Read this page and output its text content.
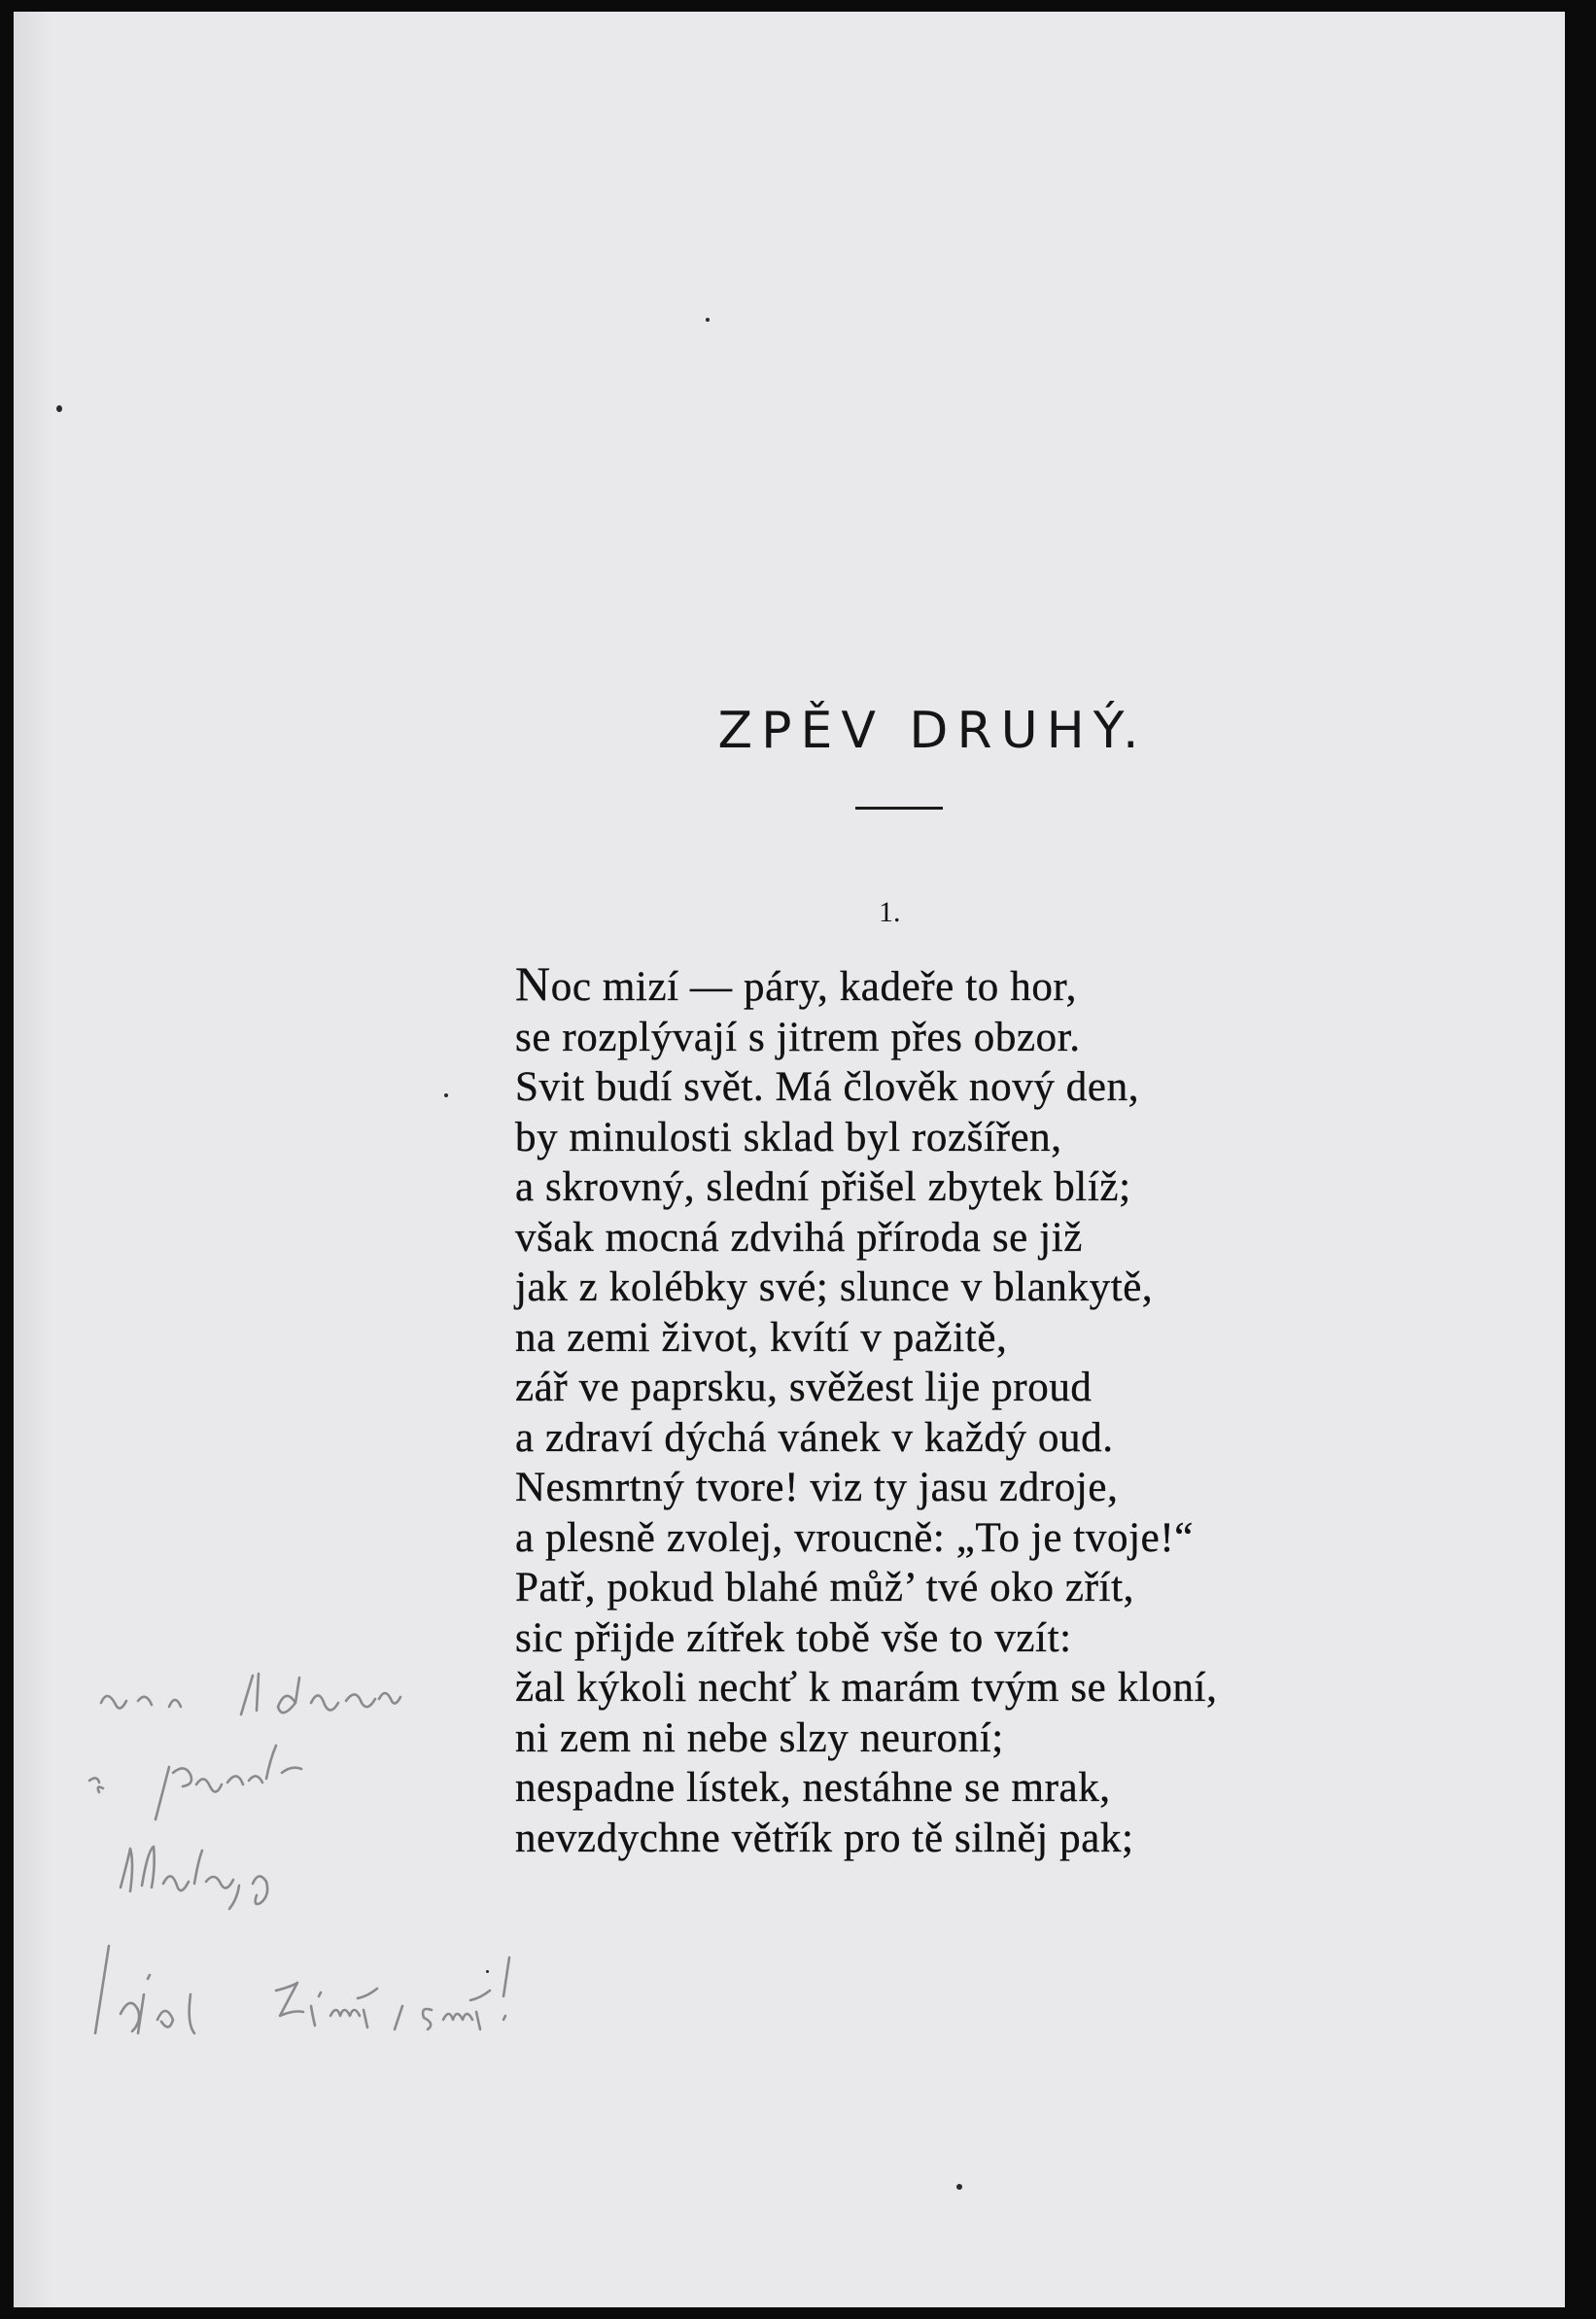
ZPĚV DRUHÝ.
1.
Noc mizí — páry, kadeře to hor,
se rozplývají s jitrem přes obzor.
Svit budí svět. Má člověk nový den,
by minulosti sklad byl rozšířen,
a skrovný, slední přišel zbytek blíž;
však mocná zdvihá příroda se již
jak z kolébky své; slunce v blankytě,
na zemi život, kvítí v pažitě,
zář ve paprsku, svěžest lije proud
a zdraví dýchá vánek v každý oud.
Nesmrtný tvore! viz ty jasu zdroje,
a plesně zvolej, vroucně: „To je tvoje!“
Patř, pokud blahé můž’ tvé oko zřít,
sic přijde zítřek tobě vše to vzít:
žal kýkoli nechť k marám tvým se kloní,
ni zem ni nebe slzy neuroní;
nespadne lístek, nestáhne se mrak,
nevzdychne větřík pro tě silněj pak;
